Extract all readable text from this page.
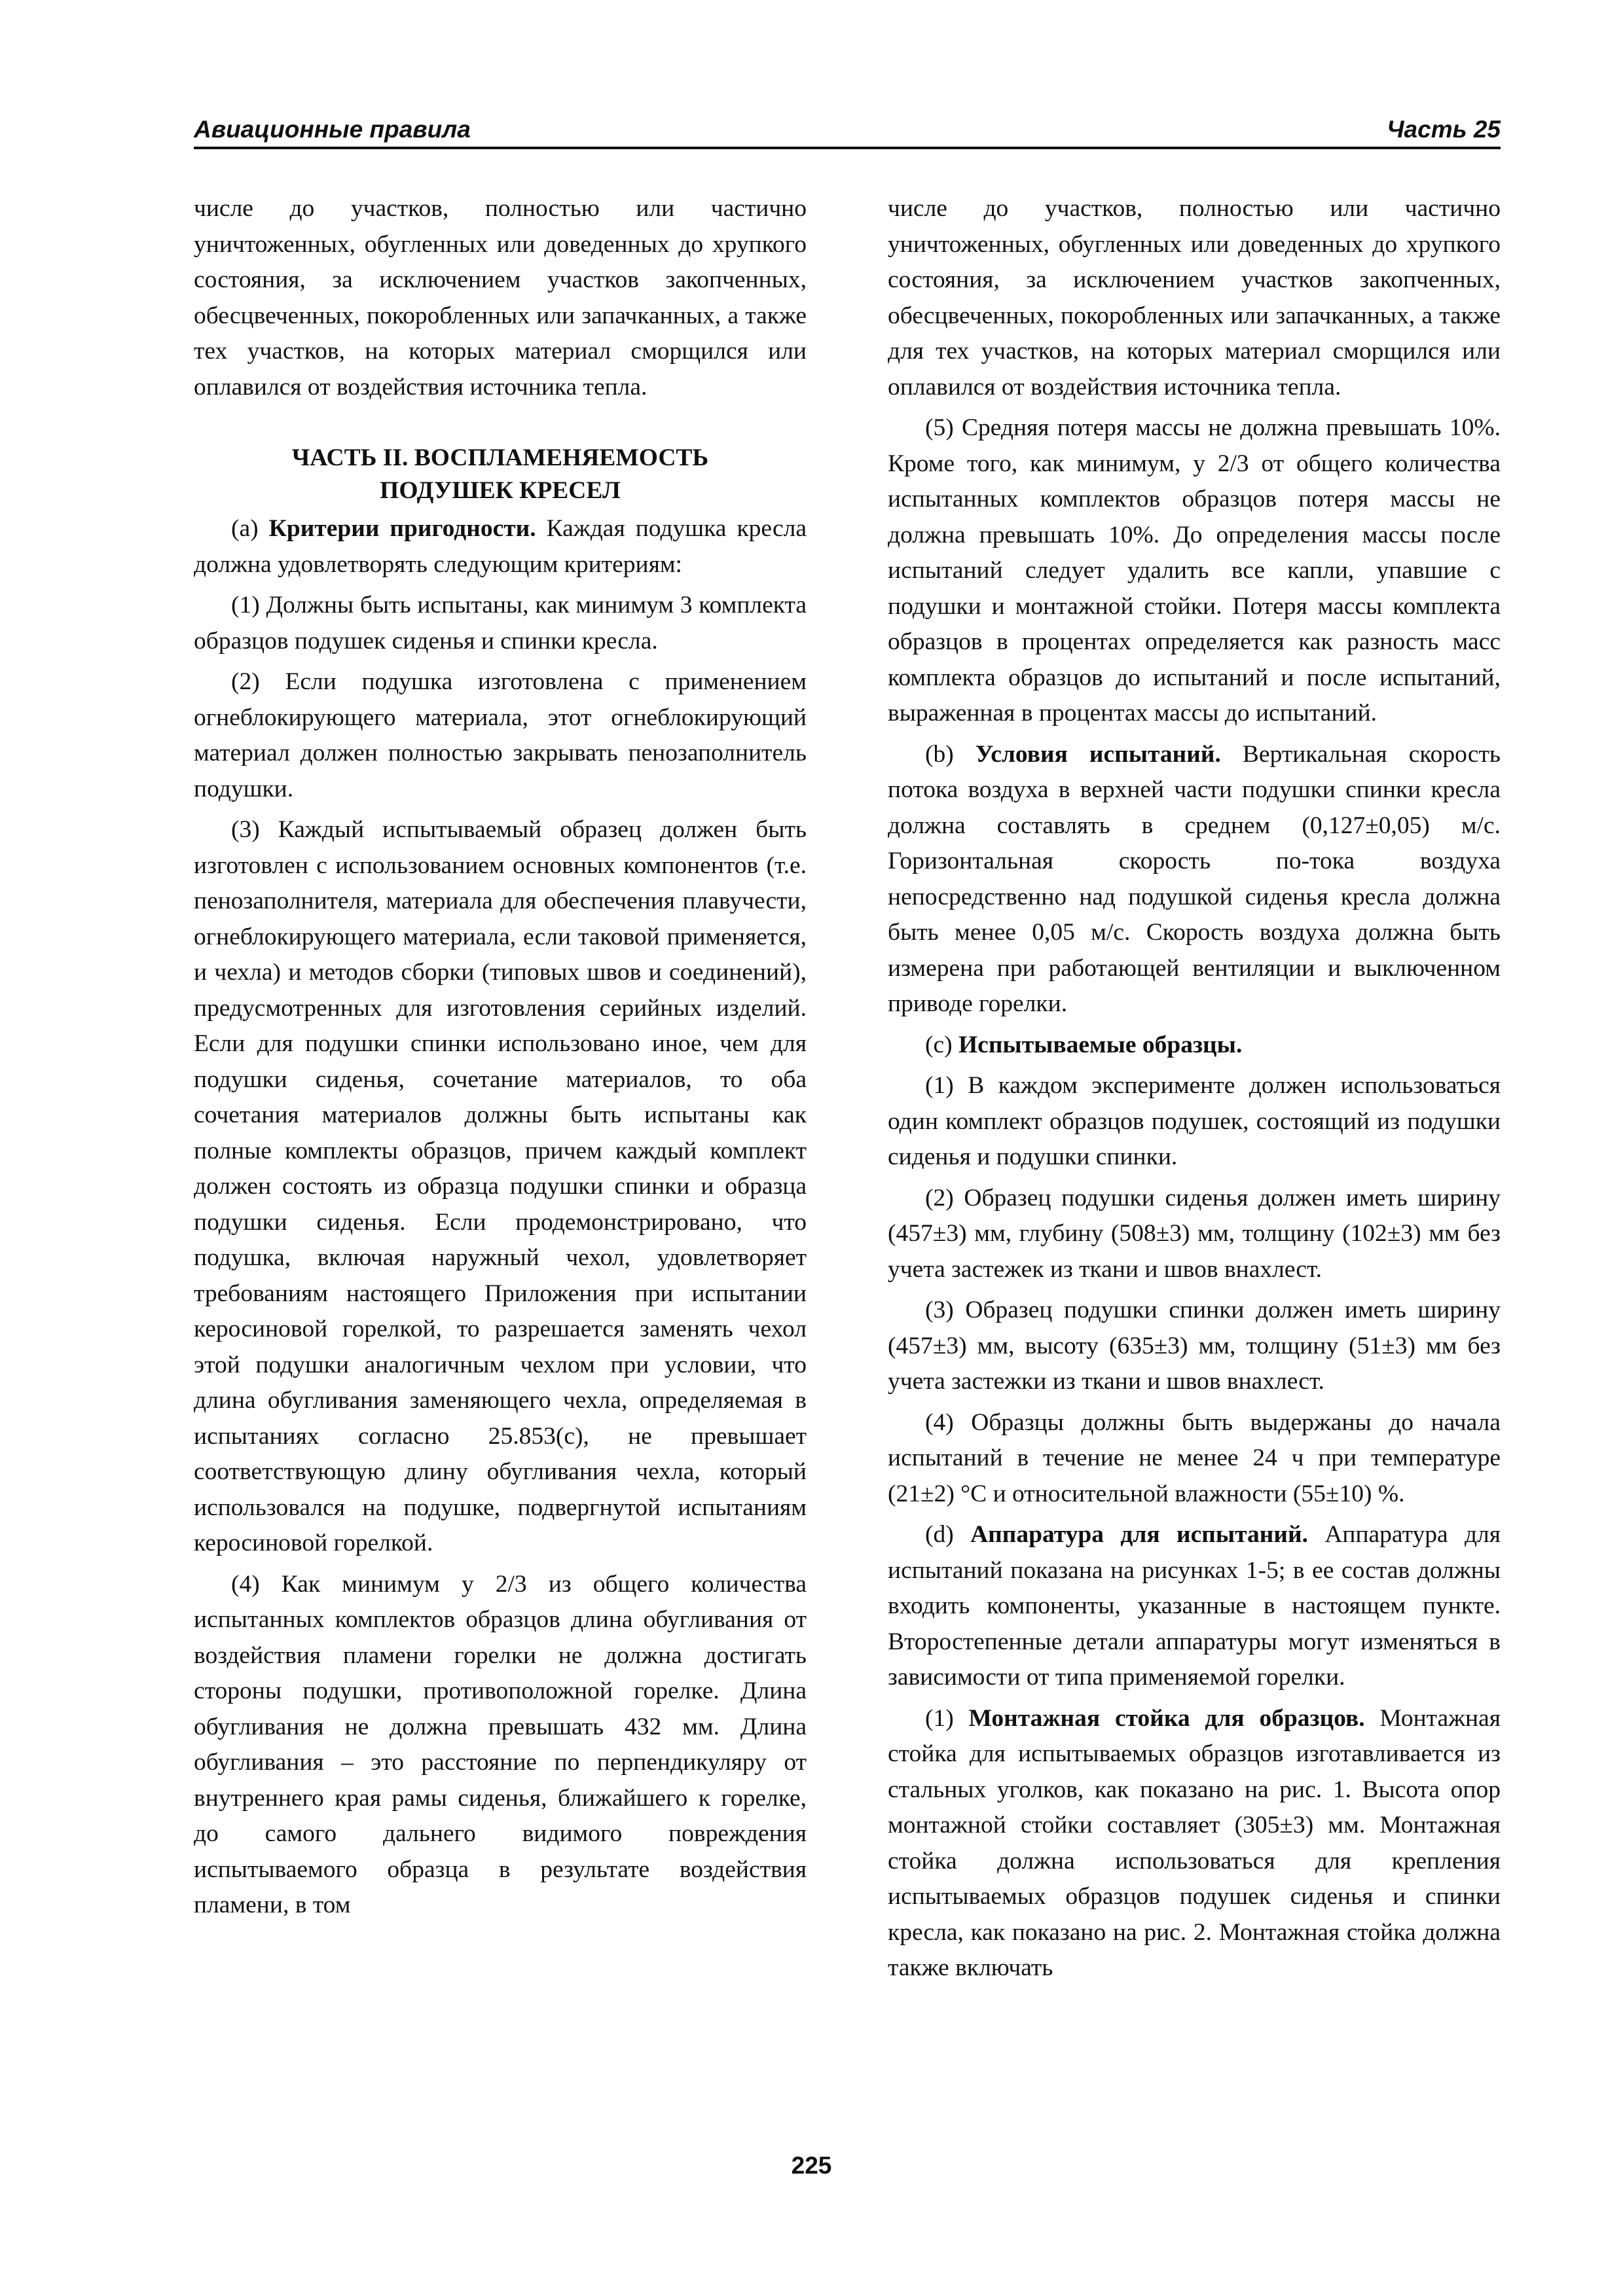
Авиационные правила	Часть 25

числе до участков, полностью или частично уничтоженных, обугленных или доведенных до хрупкого состояния, за исключением участков закопченных, обесцвеченных, покоробленных или запачканных, а также тех участков, на которых материал сморщился или оплавился от воздействия источника тепла.

ЧАСТЬ II. ВОСПЛАМЕНЯЕМОСТЬ
ПОДУШЕК КРЕСЕЛ

(a) Критерии пригодности. Каждая подушка кресла должна удовлетворять следующим критериям:

(1) Должны быть испытаны, как минимум 3 комплекта образцов подушек сиденья и спинки кресла.

(2) Если подушка изготовлена с применением огнеблокирующего материала, этот огнеблокирующий материал должен полностью закрывать пенозаполнитель подушки.

(3) Каждый испытываемый образец должен быть изготовлен с использованием основных компонентов (т.е. пенозаполнителя, материала для обеспечения плавучести, огнеблокирующего материала, если таковой применяется, и чехла) и методов сборки (типовых швов и соединений), предусмотренных для изготовления серийных изделий. Если для подушки спинки использовано иное, чем для подушки сиденья, сочетание материалов, то оба сочетания материалов должны быть испытаны как полные комплекты образцов, причем каждый комплект должен состоять из образца подушки спинки и образца подушки сиденья. Если продемонстрировано, что подушка, включая наружный чехол, удовлетворяет требованиям настоящего Приложения при испытании керосиновой горелкой, то разрешается заменять чехол этой подушки аналогичным чехлом при условии, что длина обугливания заменяющего чехла, определяемая в испытаниях согласно 25.853(с), не превышает соответствующую длину обугливания чехла, который использовался на подушке, подвергнутой испытаниям керосиновой горелкой.

(4) Как минимум у 2/3 из общего количества испытанных комплектов образцов длина обугливания от воздействия пламени горелки не должна достигать стороны подушки, противоположной горелке. Длина обугливания не должна превышать 432 мм. Длина обугливания – это расстояние по перпендикуляру от внутреннего края рамы сиденья, ближайшего к горелке, до самого дальнего видимого повреждения испытываемого образца в результате воздействия пламени, в том

числе до участков, полностью или частично уничтоженных, обугленных или доведенных до хрупкого состояния, за исключением участков закопченных, обесцвеченных, покоробленных или запачканных, а также для тех участков, на которых материал сморщился или оплавился от воздействия источника тепла.

(5) Средняя потеря массы не должна превышать 10%. Кроме того, как минимум, у 2/3 от общего количества испытанных комплектов образцов потеря массы не должна превышать 10%. До определения массы после испытаний следует удалить все капли, упавшие с подушки и монтажной стойки. Потеря массы комплекта образцов в процентах определяется как разность масс комплекта образцов до испытаний и после испытаний, выраженная в процентах массы до испытаний.

(b) Условия испытаний. Вертикальная скорость потока воздуха в верхней части подушки спинки кресла должна составлять в среднем (0,127±0,05) м/с. Горизонтальная скорость по-тока воздуха непосредственно над подушкой сиденья кресла должна быть менее 0,05 м/с. Скорость воздуха должна быть измерена при работающей вентиляции и выключенном приводе горелки.

(c) Испытываемые образцы.

(1) В каждом эксперименте должен использоваться один комплект образцов подушек, состоящий из подушки сиденья и подушки спинки.

(2) Образец подушки сиденья должен иметь ширину (457±3) мм, глубину (508±3) мм, толщину (102±3) мм без учета застежек из ткани и швов внахлест.

(3) Образец подушки спинки должен иметь ширину (457±3) мм, высоту (635±3) мм, толщину (51±3) мм без учета застежки из ткани и швов внахлест.

(4) Образцы должны быть выдержаны до начала испытаний в течение не менее 24 ч при температуре (21±2) °С и относительной влажности (55±10) %.

(d) Аппаратура для испытаний. Аппаратура для испытаний показана на рисунках 1-5; в ее состав должны входить компоненты, указанные в настоящем пункте. Второстепенные детали аппаратуры могут изменяться в зависимости от типа применяемой горелки.

(1) Монтажная стойка для образцов. Монтажная стойка для испытываемых образцов изготавливается из стальных уголков, как показано на рис. 1. Высота опор монтажной стойки составляет (305±3) мм. Монтажная стойка должна использоваться для крепления испытываемых образцов подушек сиденья и спинки кресла, как показано на рис. 2. Монтажная стойка должна также включать

225
